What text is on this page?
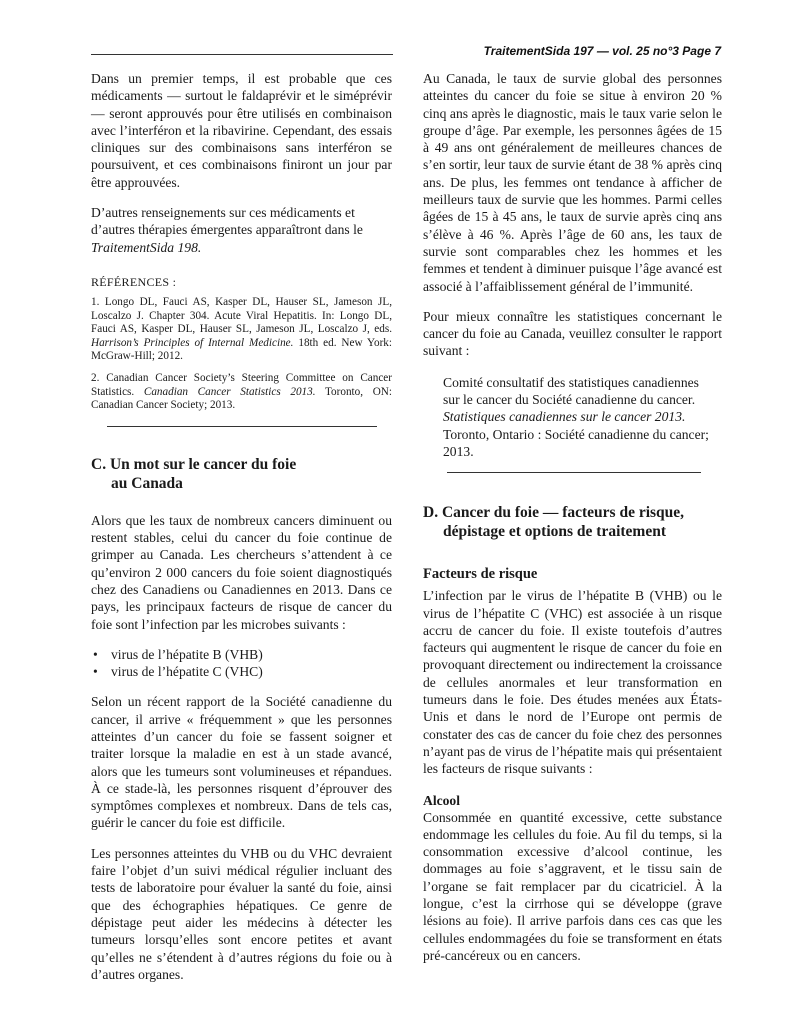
TraitementSida 197 — vol. 25 no°3 Page 7

Dans un premier temps, il est probable que ces médicaments — surtout le faldaprévir et le siméprévir — seront approuvés pour être utilisés en combinaison avec l’interféron et la ribavirine. Cependant, des essais cliniques sur des combinaisons sans interféron se poursuivent, et ces combinaisons finiront un jour par être approuvées.

D’autres renseignements sur ces médicaments et d’autres thérapies émergentes apparaîtront dans le TraitementSida 198.

RÉFÉRENCES :

1. Longo DL, Fauci AS, Kasper DL, Hauser SL, Jameson JL, Loscalzo J. Chapter 304. Acute Viral Hepatitis. In: Longo DL, Fauci AS, Kasper DL, Hauser SL, Jameson JL, Loscalzo J, eds. Harrison’s Principles of Internal Medicine. 18th ed. New York: McGraw-Hill; 2012.

2. Canadian Cancer Society’s Steering Committee on Cancer Statistics. Canadian Cancer Statistics 2013. Toronto, ON: Canadian Cancer Society; 2013.

C. Un mot sur le cancer du foie
au Canada

Alors que les taux de nombreux cancers diminuent ou restent stables, celui du cancer du foie continue de grimper au Canada. Les chercheurs s’attendent à ce qu’environ 2 000 cancers du foie soient diagnostiqués chez des Canadiens ou Canadiennes en 2013. Dans ce pays, les principaux facteurs de risque de cancer du foie sont l’infection par les microbes suivants :

• virus de l’hépatite B (VHB)
• virus de l’hépatite C (VHC)

Selon un récent rapport de la Société canadienne du cancer, il arrive « fréquemment » que les personnes atteintes d’un cancer du foie se fassent soigner et traiter lorsque la maladie en est à un stade avancé, alors que les tumeurs sont volumineuses et répandues. À ce stade-là, les personnes risquent d’éprouver des symptômes complexes et nombreux. Dans de tels cas, guérir le cancer du foie est difficile.

Les personnes atteintes du VHB ou du VHC devraient faire l’objet d’un suivi médical régulier incluant des tests de laboratoire pour évaluer la santé du foie, ainsi que des échographies hépatiques. Ce genre de dépistage peut aider les médecins à détecter les tumeurs lorsqu’elles sont encore petites et avant qu’elles ne s’étendent à d’autres régions du foie ou à d’autres organes.

Au Canada, le taux de survie global des personnes atteintes du cancer du foie se situe à environ 20 % cinq ans après le diagnostic, mais le taux varie selon le groupe d’âge. Par exemple, les personnes âgées de 15 à 49 ans ont généralement de meilleures chances de s’en sortir, leur taux de survie étant de 38 % après cinq ans. De plus, les femmes ont tendance à afficher de meilleurs taux de survie que les hommes. Parmi celles âgées de 15 à 45 ans, le taux de survie après cinq ans s’élève à 46 %. Après l’âge de 60 ans, les taux de survie sont comparables chez les hommes et les femmes et tendent à diminuer puisque l’âge avancé est associé à l’affaiblissement général de l’immunité.

Pour mieux connaître les statistiques concernant le cancer du foie au Canada, veuillez consulter le rapport suivant :

Comité consultatif des statistiques canadiennes sur le cancer du Société canadienne du cancer. Statistiques canadiennes sur le cancer 2013. Toronto, Ontario : Société canadienne du cancer; 2013.

D. Cancer du foie — facteurs de risque,
dépistage et options de traitement
Facteurs de risque

L’infection par le virus de l’hépatite B (VHB) ou le virus de l’hépatite C (VHC) est associée à un risque accru de cancer du foie. Il existe toutefois d’autres facteurs qui augmentent le risque de cancer du foie en provoquant directement ou indirectement la croissance de cellules anormales et leur transformation en tumeurs dans le foie. Des études menées aux États-Unis et dans le nord de l’Europe ont permis de constater des cas de cancer du foie chez des personnes n’ayant pas de virus de l’hépatite mais qui présentaient les facteurs de risque suivants :

Alcool

Consommée en quantité excessive, cette substance endommage les cellules du foie. Au fil du temps, si la consommation excessive d’alcool continue, les dommages au foie s’aggravent, et le tissu sain de l’organe se fait remplacer par du cicatriciel. À la longue, c’est la cirrhose qui se développe (grave lésions au foie). Il arrive parfois dans ces cas que les cellules endommagées du foie se transforment en états pré-cancéreux ou en cancers.
